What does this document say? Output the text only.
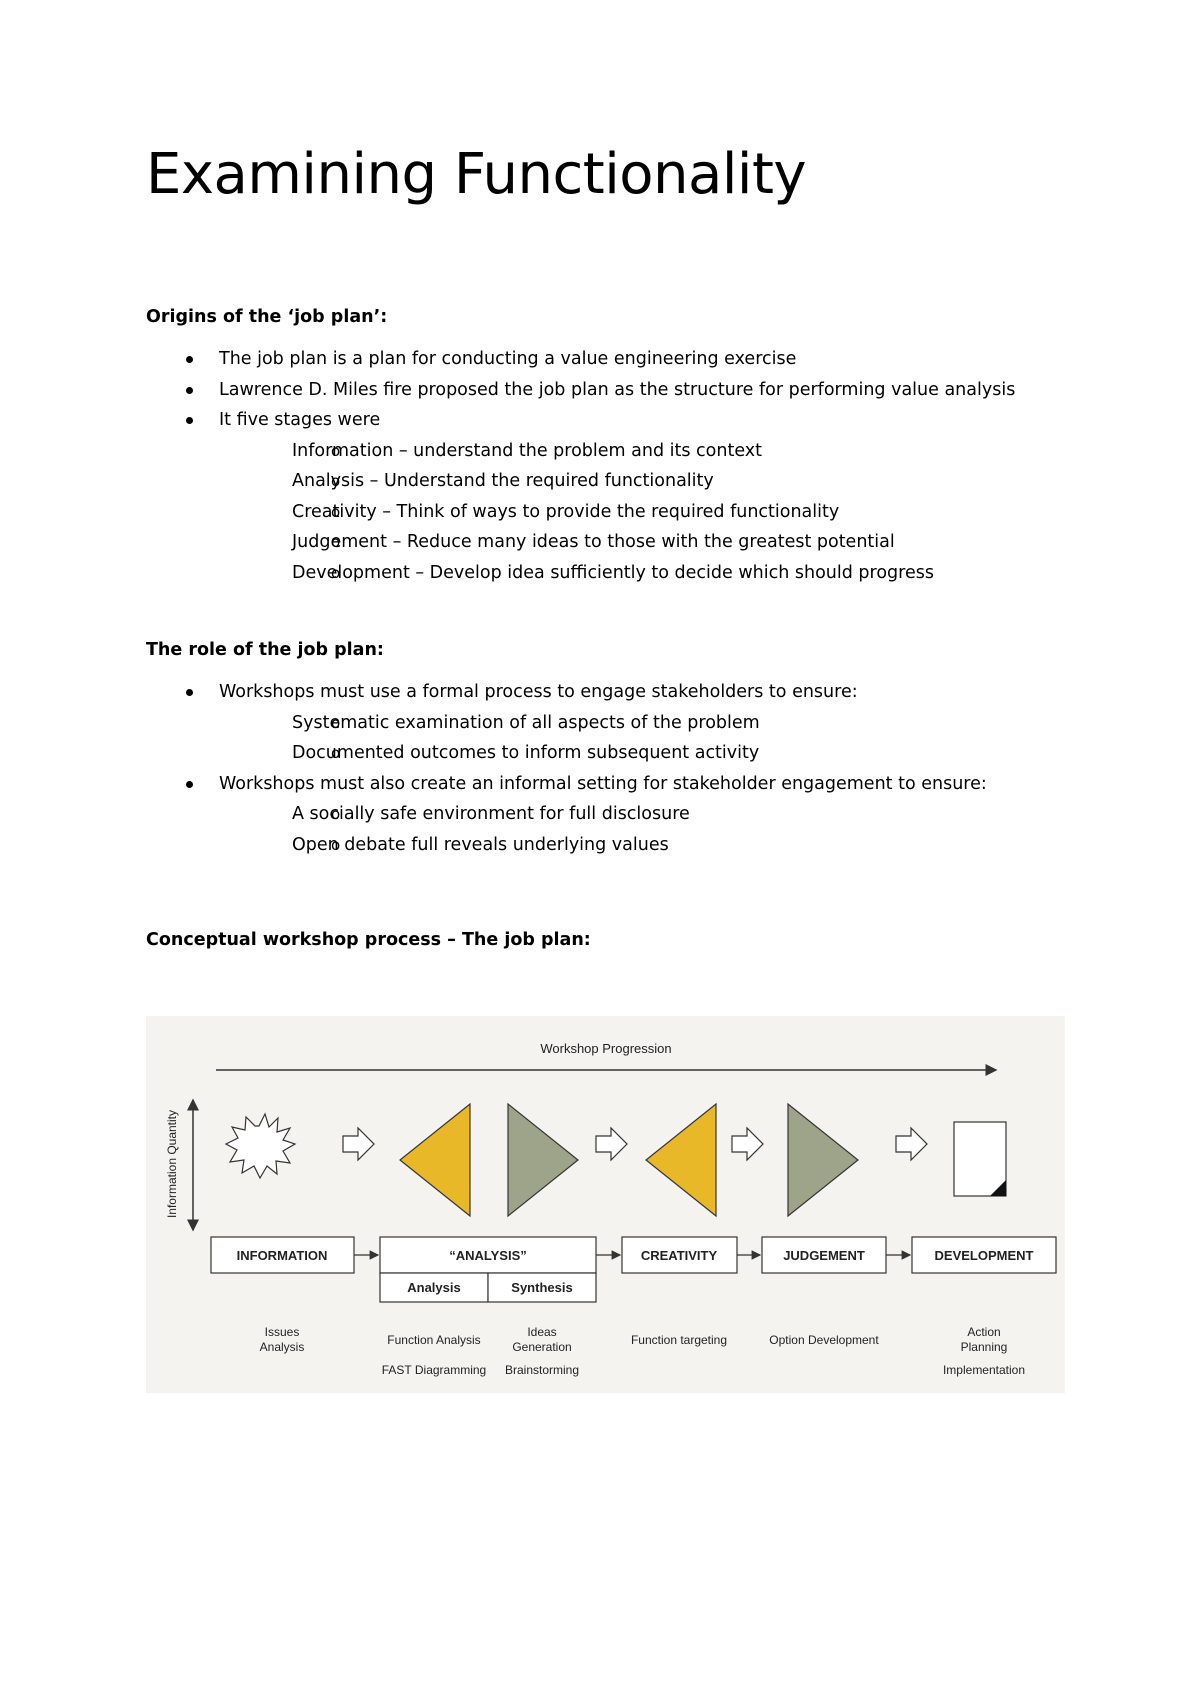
Examining Functionality

Origins of the ‘job plan’:

The job plan is a plan for conducting a value engineering exercise
Lawrence D. Miles fire proposed the job plan as the structure for performing value analysis
It five stages were
o Information – understand the problem and its context
o Analysis – Understand the required functionality
o Creativity – Think of ways to provide the required functionality
o Judgement – Reduce many ideas to those with the greatest potential
o Development – Develop idea sufficiently to decide which should progress

The role of the job plan:

Workshops must use a formal process to engage stakeholders to ensure:
o Systematic examination of all aspects of the problem
o Documented outcomes to inform subsequent activity
Workshops must also create an informal setting for stakeholder engagement to ensure:
o A socially safe environment for full disclosure
o Open debate full reveals underlying values

Conceptual workshop process – The job plan:

Workshop Progression
Information Quantity
INFORMATION	“ANALYSIS”
Analysis	Synthesis
CREATIVITY	JUDGEMENT	DEVELOPMENT
Issues
Analysis	Function Analysis
FAST Diagramming
Ideas
Generation
Brainstorming
Function targeting	Option Development
Action
Planning
Implementation
